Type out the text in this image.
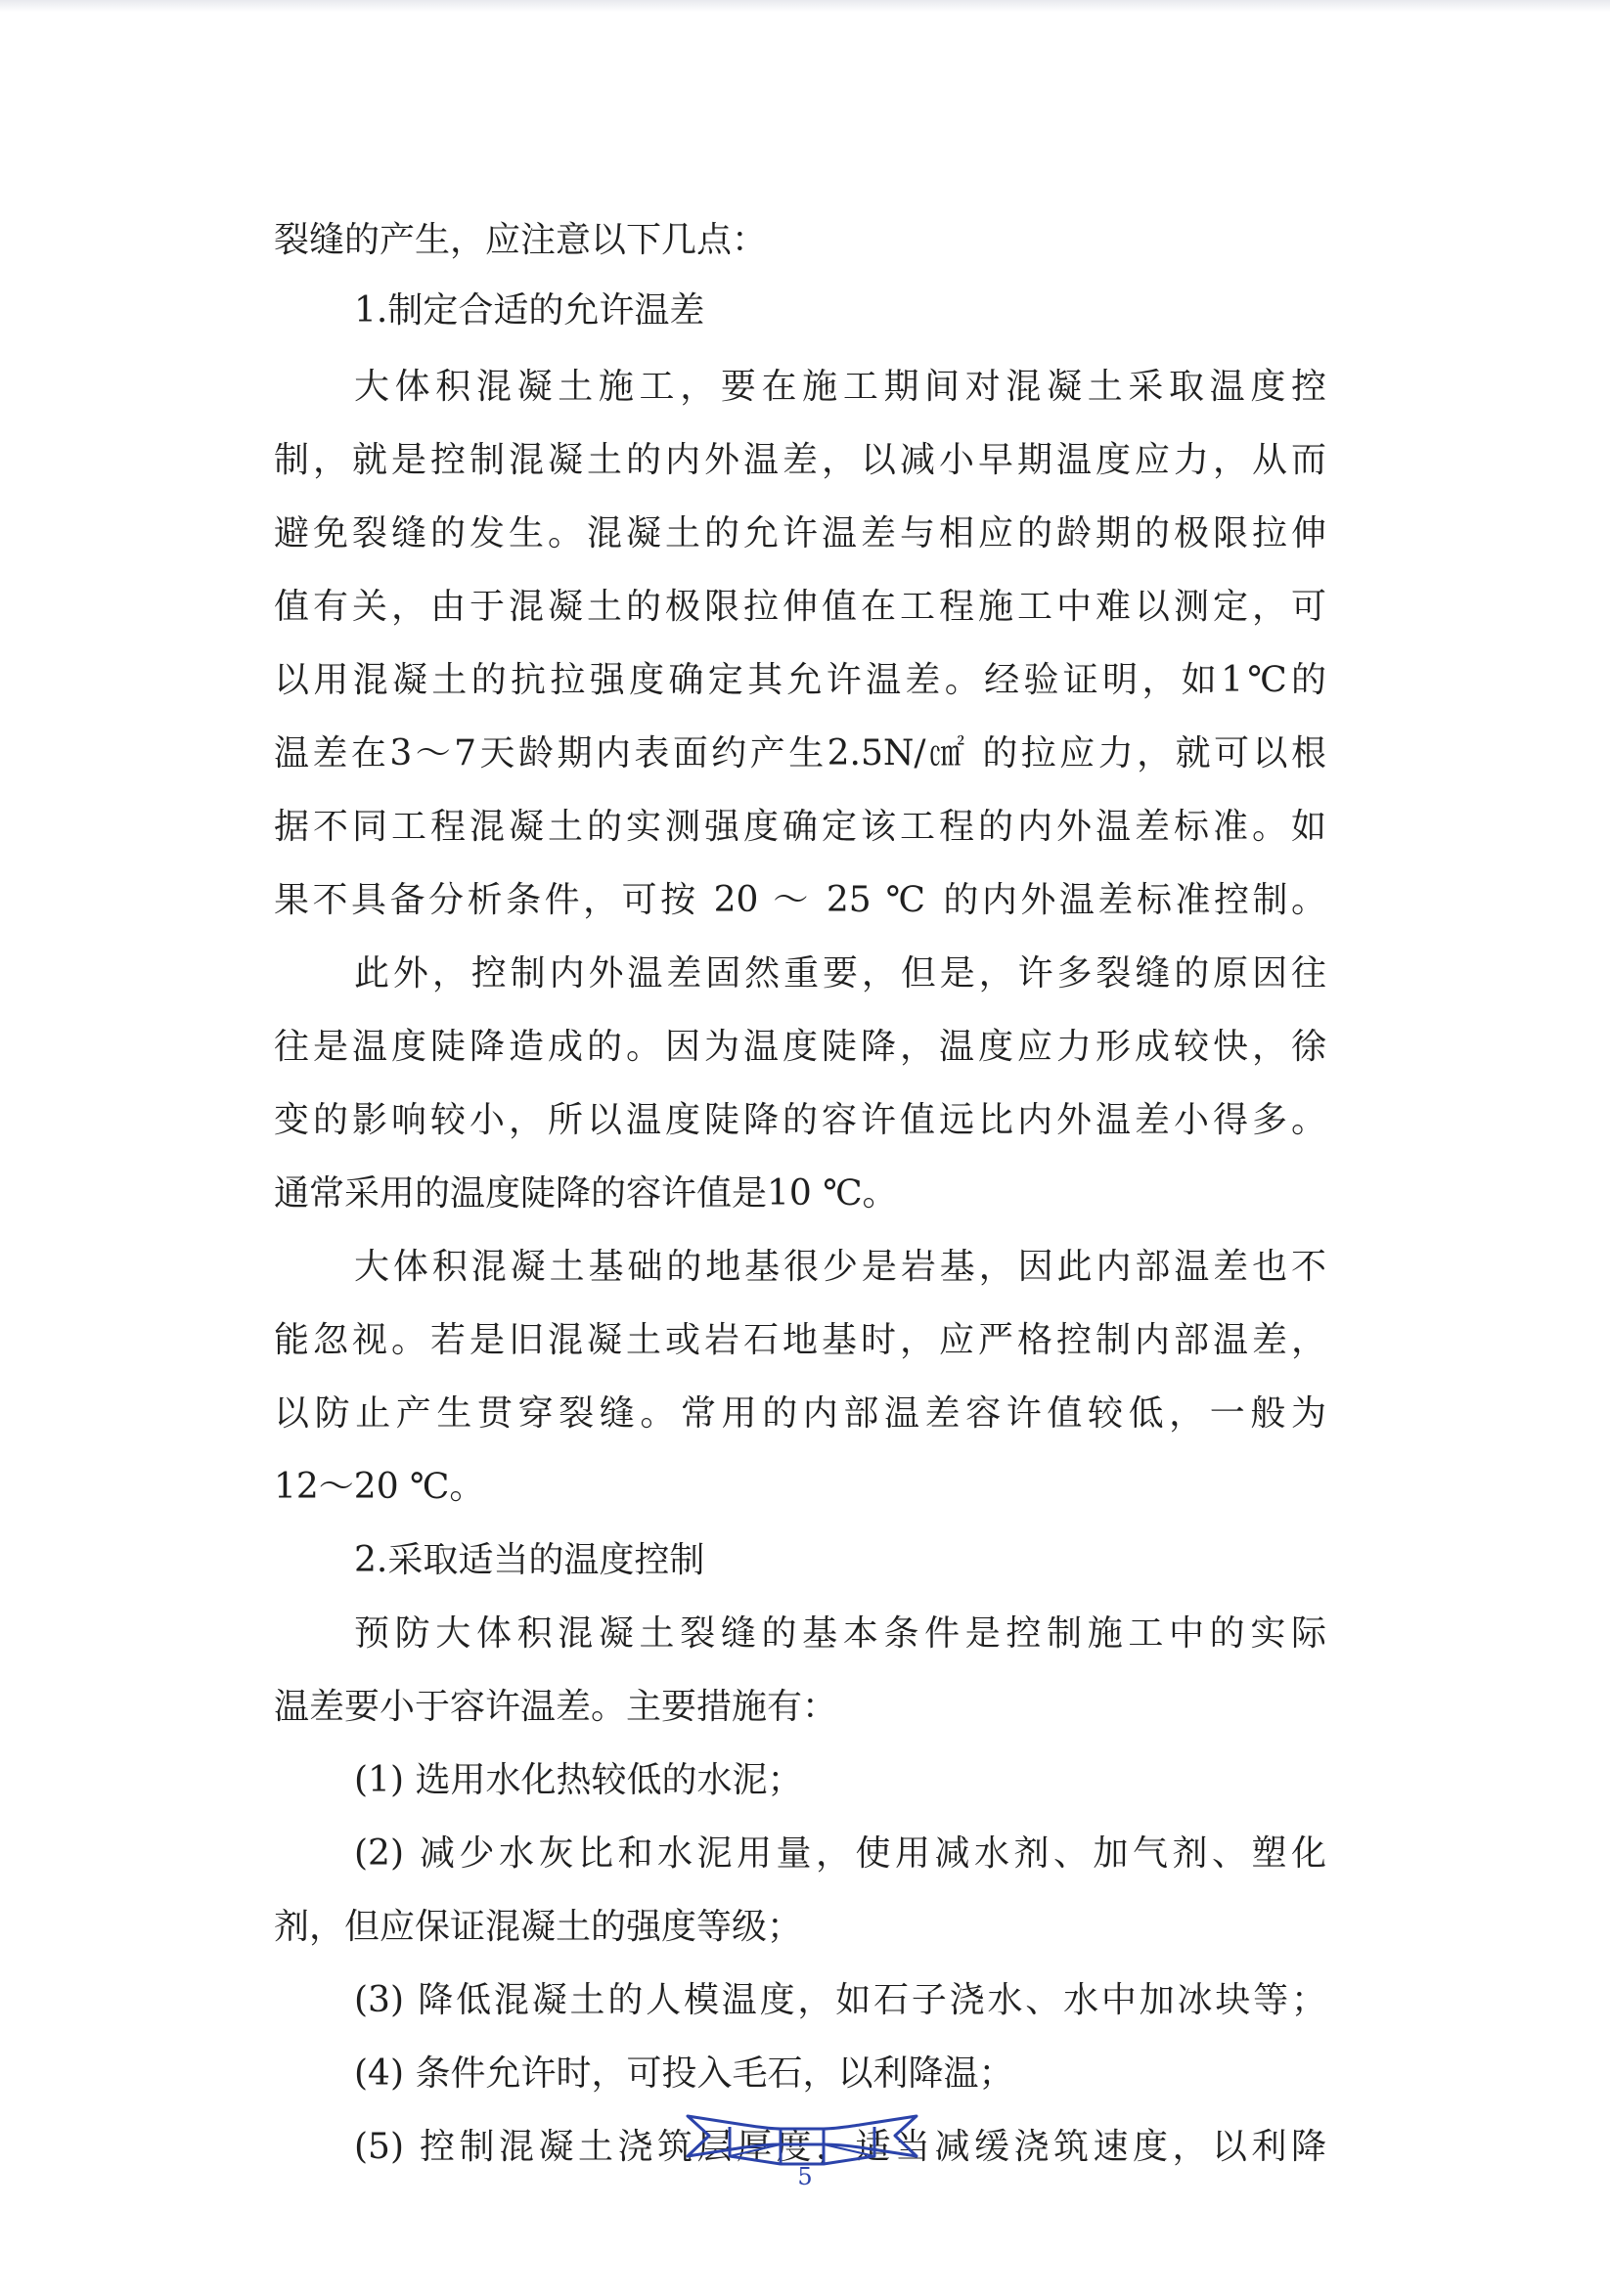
裂缝的产生，应注意以下几点：
1.制定合适的允许温差
大体积混凝土施工，要在施工期间对混凝土采取温度控
制，就是控制混凝土的内外温差，以减小早期温度应力，从而
避免裂缝的发生。混凝土的允许温差与相应的龄期的极限拉伸
值有关，由于混凝土的极限拉伸值在工程施工中难以测定，可
以用混凝土的抗拉强度确定其允许温差。经验证明，如1℃的
温差在3～7天龄期内表面约产生2.5N/㎠ 的拉应力，就可以根
据不同工程混凝土的实测强度确定该工程的内外温差标准。如
果不具备分析条件，可按 20 ～ 25 ℃ 的内外温差标准控制。
此外，控制内外温差固然重要，但是，许多裂缝的原因往
往是温度陡降造成的。因为温度陡降，温度应力形成较快，徐
变的影响较小，所以温度陡降的容许值远比内外温差小得多。
通常采用的温度陡降的容许值是10 ℃。
大体积混凝土基础的地基很少是岩基，因此内部温差也不
能忽视。若是旧混凝土或岩石地基时，应严格控制内部温差，
以防止产生贯穿裂缝。常用的内部温差容许值较低，一般为
12～20 ℃。
2.采取适当的温度控制
预防大体积混凝土裂缝的基本条件是控制施工中的实际
温差要小于容许温差。主要措施有：
(1) 选用水化热较低的水泥；
(2) 减少水灰比和水泥用量，使用减水剂、加气剂、塑化
剂，但应保证混凝土的强度等级；
(3) 降低混凝土的人模温度，如石子浇水、水中加冰块等；
(4) 条件允许时，可投入毛石，以利降温；
(5) 控制混凝土浇筑层厚度，适当减缓浇筑速度，以利降
5
